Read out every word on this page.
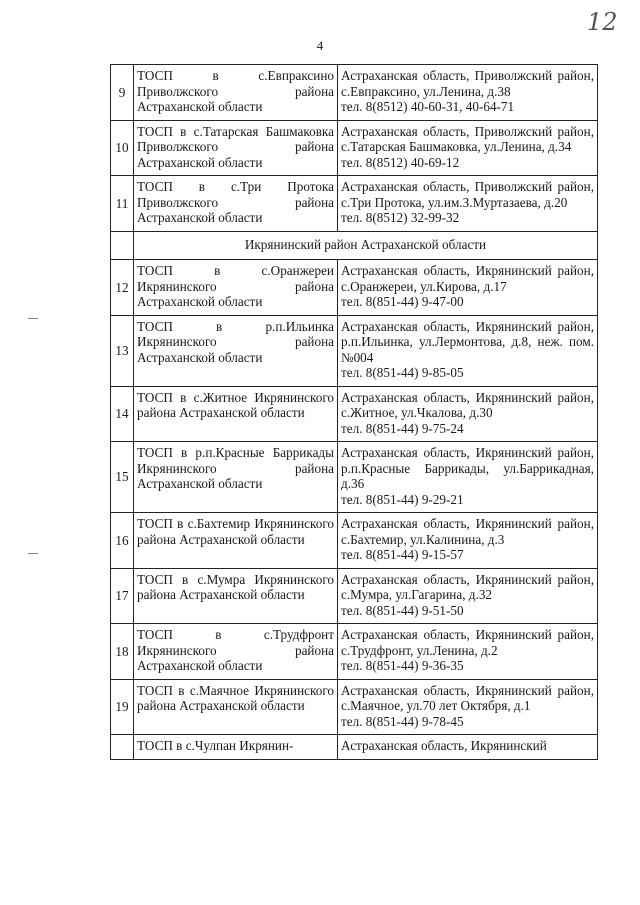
4
12
9	ТОСП в с.Евпраксино Приволжского района Астраханской области	Астраханская область, Приволжский район, с.Евпраксино, ул.Ленина, д.38
тел. 8(8512) 40-60-31, 40-64-71

10	ТОСП в с.Татарская Башмаковка Приволжского района Астраханской области	Астраханская область, Приволжский район, с.Татарская Башмаковка, ул.Ленина, д.34
тел. 8(8512) 40-69-12

11	ТОСП в с.Три Протока Приволжского района Астраханской области	Астраханская область, Приволжский район, с.Три Протока, ул.им.З.Муртазаева, д.20
тел. 8(8512) 32-99-32

	Икрянинский район Астраханской области	
12	ТОСП в с.Оранжереи Икрянинского района Астраханской области	Астраханская область, Икрянинский район, с.Оранжереи, ул.Кирова, д.17
тел. 8(851-44) 9-47-00

13	ТОСП в р.п.Ильинка Икрянинского района Астраханской области	Астраханская область, Икрянинский район, р.п.Ильинка, ул.Лермонтова, д.8, неж. пом.№004
тел. 8(851-44) 9-85-05

14	ТОСП в с.Житное Икрянинского района Астраханской области	Астраханская область, Икрянинский район, с.Житное, ул.Чкалова, д.30
тел. 8(851-44) 9-75-24

15	ТОСП в р.п.Красные Баррикады Икрянинского района Астраханской области	Астраханская область, Икрянинский район, р.п.Красные Баррикады, ул.Баррикадная, д.36
тел. 8(851-44) 9-29-21

16	ТОСП в с.Бахтемир Икрянинского района Астраханской области	Астраханская область, Икрянинский район, с.Бахтемир, ул.Калинина, д.3
тел. 8(851-44) 9-15-57

17	ТОСП в с.Мумра Икрянинского района Астраханской области	Астраханская область, Икрянинский район, с.Мумра, ул.Гагарина, д.32
тел. 8(851-44) 9-51-50

18	ТОСП в с.Трудфронт Икрянинского района Астраханской области	Астраханская область, Икрянинский район, с.Трудфронт, ул.Ленина, д.2
тел. 8(851-44) 9-36-35

19	ТОСП в с.Маячное Икрянинского района Астраханской области	Астраханская область, Икрянинский район, с.Маячное, ул.70 лет Октября, д.1
тел. 8(851-44) 9-78-45

	ТОСП в с.Чулпан Икрянин-	Астраханская область, Икрянинский
